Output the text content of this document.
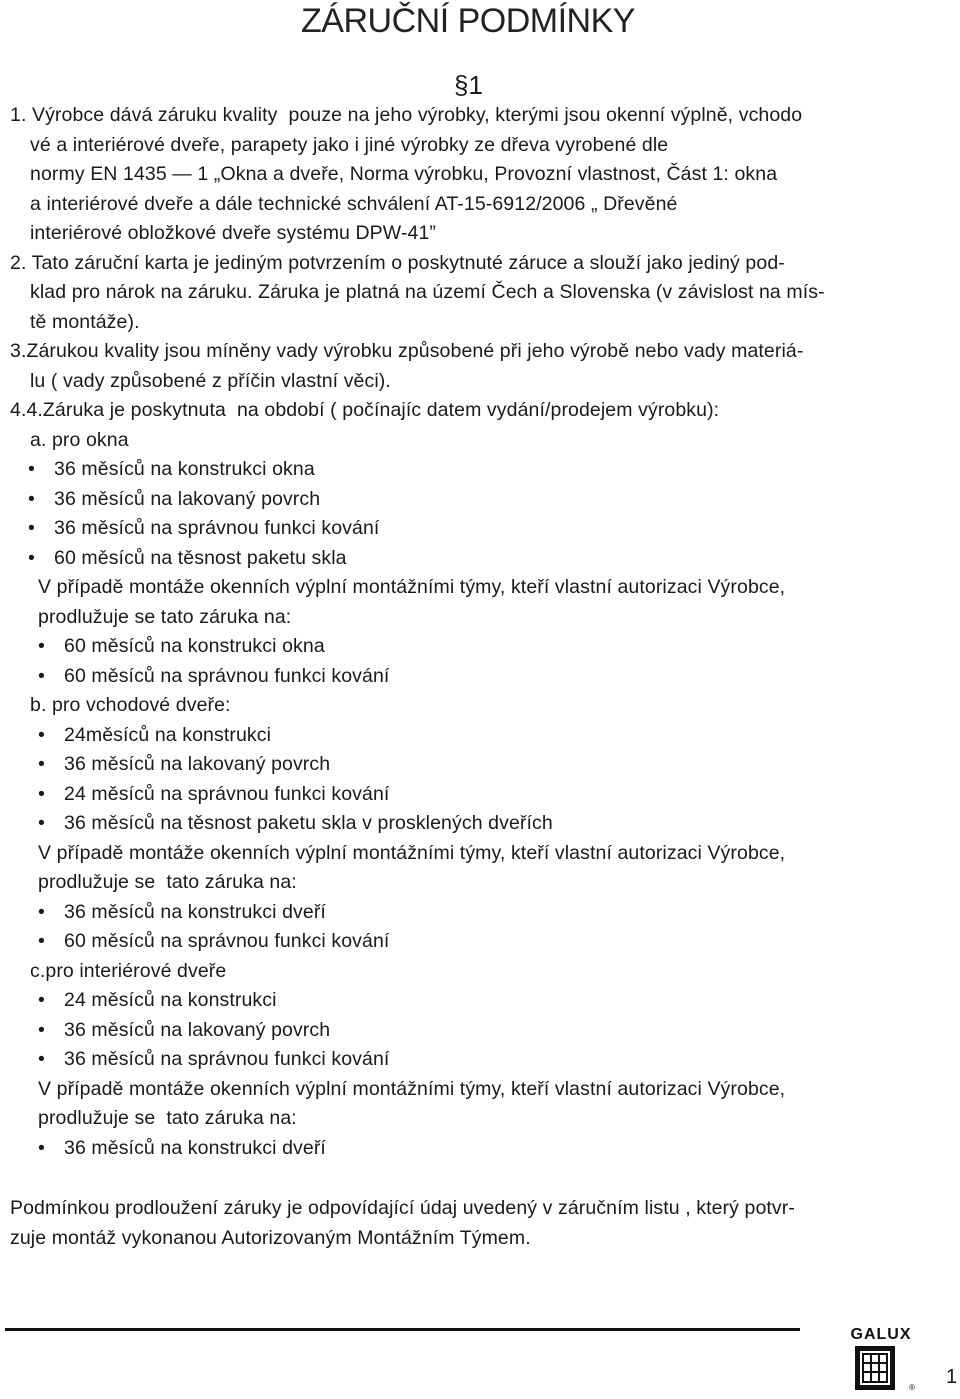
ZÁRUČNÍ PODMÍNKY
§1
1. Výrobce dává záruku kvality  pouze na jeho výrobky, kterými jsou okenní výplně, vchodo
vé a interiérové dveře, parapety jako i jiné výrobky ze dřeva vyrobené dle
normy EN 1435 — 1 „Okna a dveře, Norma výrobku, Provozní vlastnost, Část 1: okna
a interiérové dveře a dále technické schválení AT-15-6912/2006 „ Dřevěné
interiérové obložkové dveře systému DPW-41”
2. Tato záruční karta je jediným potvrzením o poskytnuté záruce a slouží jako jediný pod-
klad pro nárok na záruku. Záruka je platná na území Čech a Slovenska (v závislost na mís-
tě montáže).
3.Zárukou kvality jsou míněny vady výrobku způsobené při jeho výrobě nebo vady materiá-
lu ( vady způsobené z příčin vlastní věci).
4.4.Záruka je poskytnuta  na období ( počínajíc datem vydání/prodejem výrobku):
a. pro okna
• 36 měsíců na konstrukci okna
• 36 měsíců na lakovaný povrch
• 36 měsíců na správnou funkci kování
• 60 měsíců na těsnost paketu skla
V případě montáže okenních výplní montážními týmy, kteří vlastní autorizaci Výrobce,
prodlužuje se tato záruka na:
• 60 měsíců na konstrukci okna
• 60 měsíců na správnou funkci kování
b. pro vchodové dveře:
• 24měsíců na konstrukci
• 36 měsíců na lakovaný povrch
• 24 měsíců na správnou funkci kování
• 36 měsíců na těsnost paketu skla v prosklených dveřích
V případě montáže okenních výplní montážními týmy, kteří vlastní autorizaci Výrobce,
prodlužuje se  tato záruka na:
• 36 měsíců na konstrukci dveří
• 60 měsíců na správnou funkci kování
c.pro interiérové dveře
• 24 měsíců na konstrukci
• 36 měsíců na lakovaný povrch
• 36 měsíců na správnou funkci kování
V případě montáže okenních výplní montážními týmy, kteří vlastní autorizaci Výrobce,
prodlužuje se  tato záruka na:
• 36 měsíců na konstrukci dveří
Podmínkou prodloužení záruky je odpovídající údaj uvedený v záručním listu , který potvr-
zuje montáž vykonanou Autorizovaným Montážním Týmem.
GALUX
® 1
